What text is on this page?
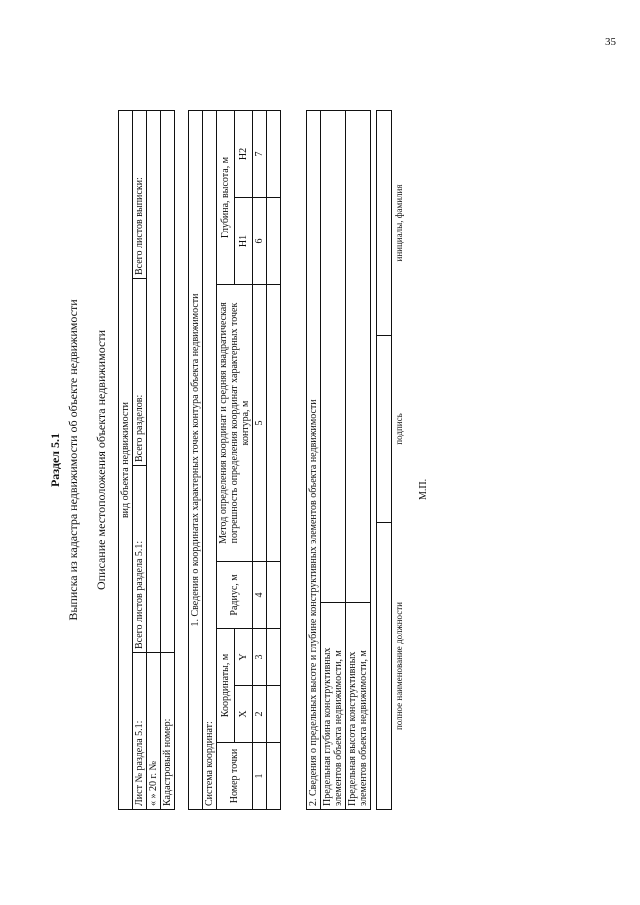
35
Раздел 5.1 Выписка из кадастра недвижимости об объекте недвижимости Описание местоположения объекта недвижимости вид объекта недвижимости			
Лист № раздела 5.1:	Всего листов раздела 5.1:	Всего разделов:	Всего листов выписки:
« » 20 г. №			
Кадастровый номер:			
1. Сведения о координатах характерных точек контура объекта недвижимости						
Система координат:						
Номер точки	Координаты, м		Радиус, м	Метод определения координат и средняя квадратическая погрешность определения координат характерных точек контура, м	Глубина, высота, м	
	X	Y			H1	H2
1	2	3	4	5	6	7

2. Сведения о предельных высоте и глубине конструктивных элементов объекта недвижимости	
Предельная глубина конструктивных элементов объекта недвижимости, м	
Предельная высота конструктивных элементов объекта недвижимости, м	
			полное наименование должности	подпись	инициалы, фамилия
М.П.
